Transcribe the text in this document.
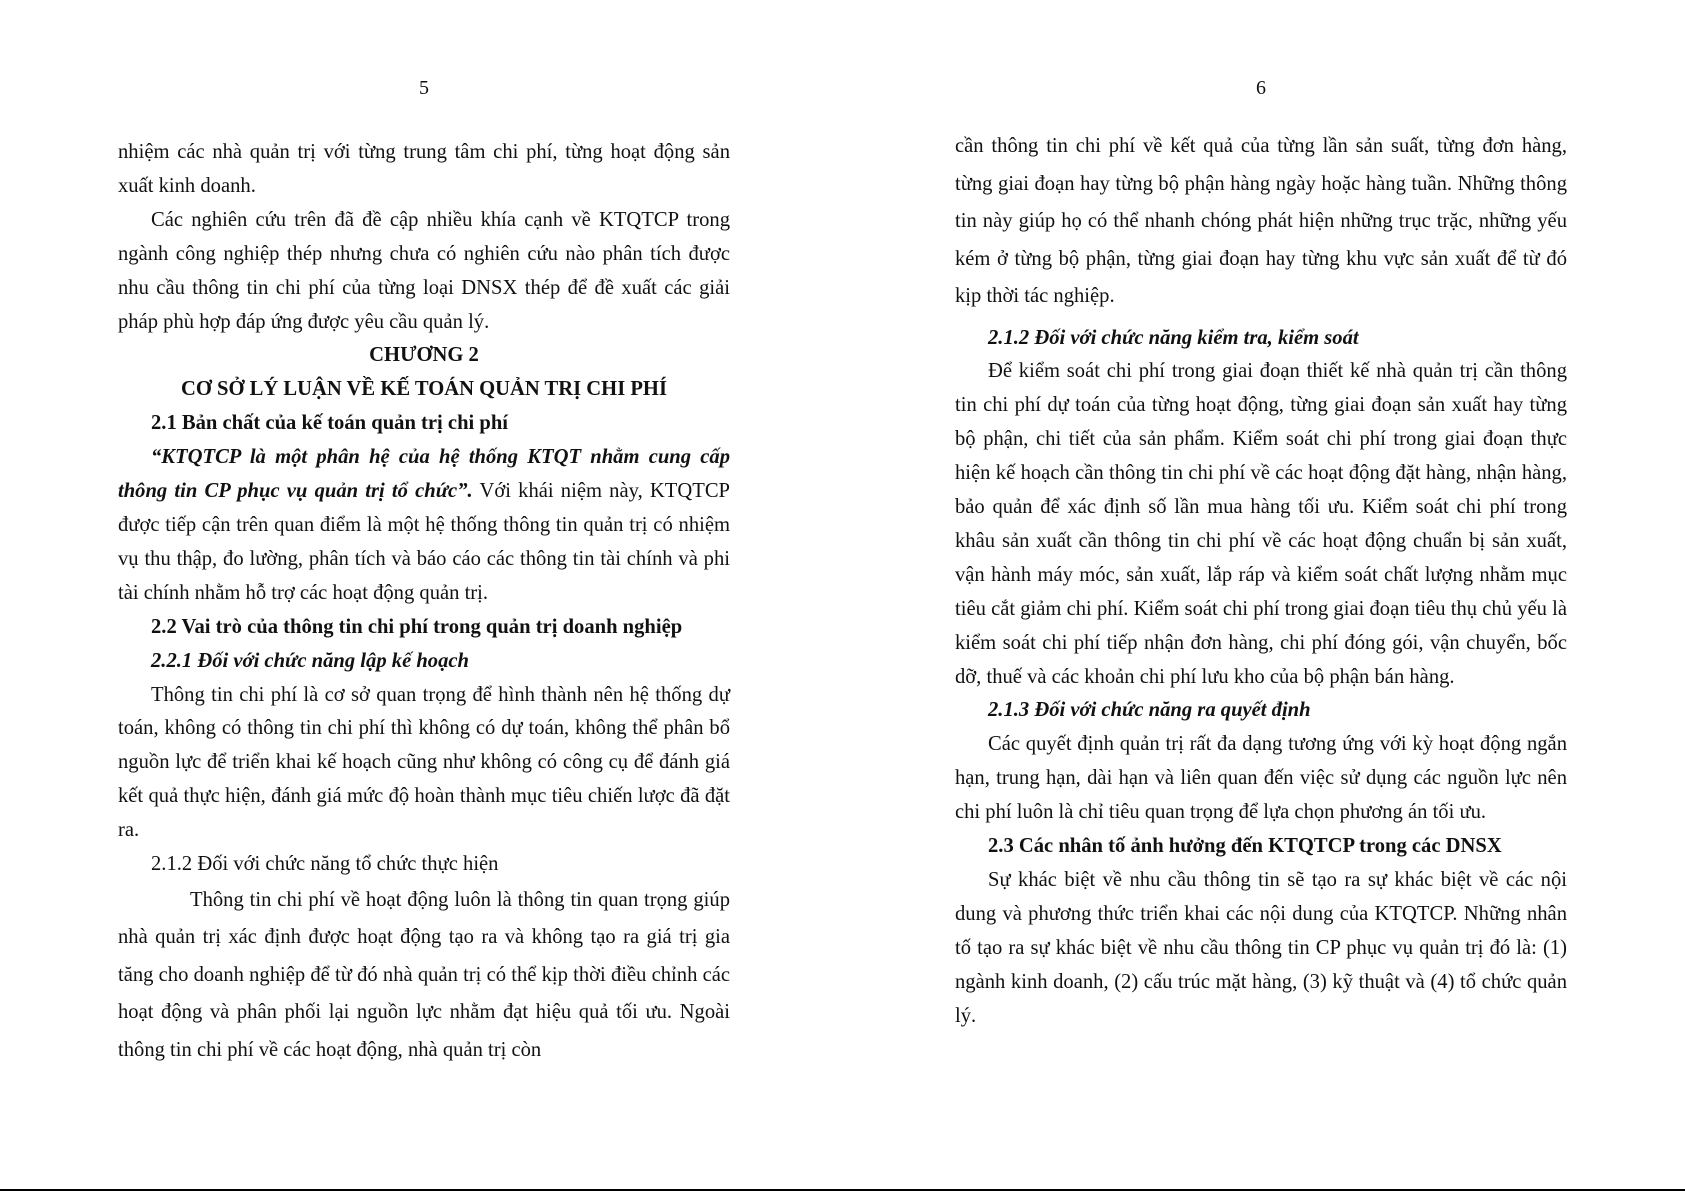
5

nhiệm các nhà quản trị với từng trung tâm chi phí, từng hoạt động sản xuất kinh doanh.

Các nghiên cứu trên đã đề cập nhiều khía cạnh về KTQTCP trong ngành công nghiệp thép nhưng chưa có nghiên cứu nào phân tích được nhu cầu thông tin chi phí của từng loại DNSX thép để đề xuất các giải pháp phù hợp đáp ứng được yêu cầu quản lý.

CHƯƠNG 2

CƠ SỞ LÝ LUẬN VỀ KẾ TOÁN QUẢN TRỊ CHI PHÍ

2.1 Bản chất của kế toán quản trị chi phí

“KTQTCP là một phân hệ của hệ thống KTQT nhằm cung cấp thông tin CP phục vụ quản trị tổ chức”. Với khái niệm này, KTQTCP được tiếp cận trên quan điểm là một hệ thống thông tin quản trị có nhiệm vụ thu thập, đo lường, phân tích và báo cáo các thông tin tài chính và phi tài chính nhằm hỗ trợ các hoạt động quản trị.

2.2 Vai trò của thông tin chi phí trong quản trị doanh nghiệp

2.2.1 Đối với chức năng lập kế hoạch

Thông tin chi phí là cơ sở quan trọng để hình thành nên hệ thống dự toán, không có thông tin chi phí thì không có dự toán, không thể phân bổ nguồn lực để triển khai kế hoạch cũng như không có công cụ để đánh giá kết quả thực hiện, đánh giá mức độ hoàn thành mục tiêu chiến lược đã đặt ra.

2.1.2 Đối với chức năng tổ chức thực hiện

Thông tin chi phí về hoạt động luôn là thông tin quan trọng giúp nhà quản trị xác định được hoạt động tạo ra và không tạo ra giá trị gia tăng cho doanh nghiệp để từ đó nhà quản trị có thể kịp thời điều chỉnh các hoạt động và phân phối lại nguồn lực nhằm đạt hiệu quả tối ưu. Ngoài thông tin chi phí về các hoạt động, nhà quản trị còn

6

cần thông tin chi phí về kết quả của từng lần sản suất, từng đơn hàng, từng giai đoạn hay từng bộ phận hàng ngày hoặc hàng tuần. Những thông tin này giúp họ có thể nhanh chóng phát hiện những trục trặc, những yếu kém ở từng bộ phận, từng giai đoạn hay từng khu vực sản xuất để từ đó kịp thời tác nghiệp.

2.1.2 Đối với chức năng kiểm tra, kiểm soát

Để kiểm soát chi phí trong giai đoạn thiết kế nhà quản trị cần thông tin chi phí dự toán của từng hoạt động, từng giai đoạn sản xuất hay từng bộ phận, chi tiết của sản phẩm. Kiểm soát chi phí trong giai đoạn thực hiện kế hoạch cần thông tin chi phí về các hoạt động đặt hàng, nhận hàng, bảo quản để xác định số lần mua hàng tối ưu. Kiểm soát chi phí trong khâu sản xuất cần thông tin chi phí về các hoạt động chuẩn bị sản xuất, vận hành máy móc, sản xuất, lắp ráp và kiểm soát chất lượng nhằm mục tiêu cắt giảm chi phí. Kiểm soát chi phí trong giai đoạn tiêu thụ chủ yếu là kiểm soát chi phí tiếp nhận đơn hàng, chi phí đóng gói, vận chuyển, bốc dỡ, thuế và các khoản chi phí lưu kho của bộ phận bán hàng.

2.1.3 Đối với chức năng ra quyết định

Các quyết định quản trị rất đa dạng tương ứng với kỳ hoạt động ngắn hạn, trung hạn, dài hạn và liên quan đến việc sử dụng các nguồn lực nên chi phí luôn là chỉ tiêu quan trọng để lựa chọn phương án tối ưu.

2.3 Các nhân tố ảnh hưởng đến KTQTCP trong các DNSX

Sự khác biệt về nhu cầu thông tin sẽ tạo ra sự khác biệt về các nội dung và phương thức triển khai các nội dung của KTQTCP. Những nhân tố tạo ra sự khác biệt về nhu cầu thông tin CP phục vụ quản trị đó là: (1) ngành kinh doanh, (2) cấu trúc mặt hàng, (3) kỹ thuật và (4) tổ chức quản lý.
